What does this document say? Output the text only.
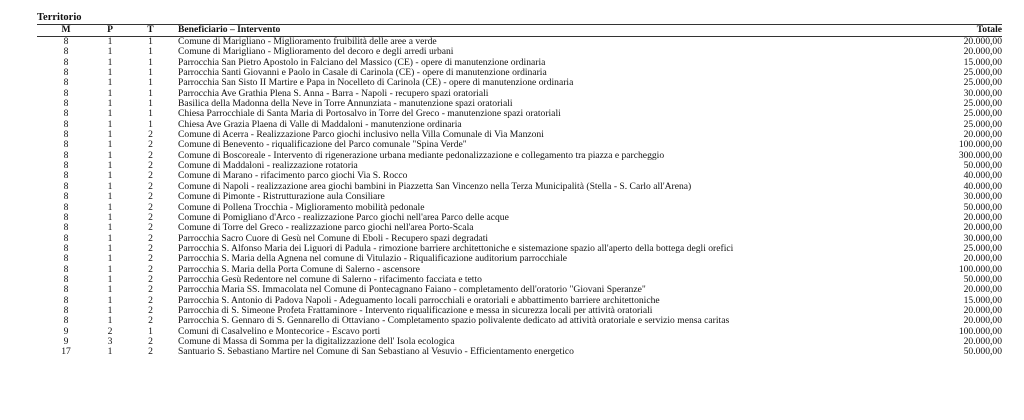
Territorio
M	P	T	Beneficiario – Intervento	Totale
8	1	1	Comune di Marigliano - Miglioramento fruibilità delle aree a verde	20.000,00
8	1	1	Comune di Marigliano - Miglioramento del decoro e degli arredi urbani	20.000,00
8	1	1	Parrocchia San Pietro Apostolo in Falciano del Massico (CE) - opere di manutenzione ordinaria	15.000,00
8	1	1	Parrocchia Santi Giovanni e Paolo in Casale di Carinola (CE) - opere di manutenzione ordinaria	25.000,00
8	1	1	Parrocchia San Sisto II Martire e Papa in Nocelleto di Carinola (CE) - opere di manutenzione ordinaria	25.000,00
8	1	1	Parrocchia Ave Grathia Plena S. Anna - Barra - Napoli - recupero spazi oratoriali	30.000,00
8	1	1	Basilica della Madonna della Neve in Torre Annunziata - manutenzione spazi oratoriali	25.000,00
8	1	1	Chiesa Parrocchiale di Santa Maria di Portosalvo in Torre del Greco - manutenzione spazi oratoriali	25.000,00
8	1	1	Chiesa Ave Grazia Plaena di Valle di Maddaloni - manutenzione ordinaria	25.000,00
8	1	2	Comune di Acerra - Realizzazione Parco giochi inclusivo nella Villa Comunale di Via Manzoni	20.000,00
8	1	2	Comune di Benevento - riqualificazione del Parco comunale "Spina Verde"	100.000,00
8	1	2	Comune di Boscoreale - Intervento di rigenerazione urbana mediante pedonalizzazione e collegamento tra piazza e parcheggio	300.000,00
8	1	2	Comune di Maddaloni - realizzazione rotatoria	50.000,00
8	1	2	Comune di Marano - rifacimento parco giochi Via S. Rocco	40.000,00
8	1	2	Comune di Napoli - realizzazione area giochi bambini in Piazzetta San Vincenzo nella Terza Municipalità (Stella - S. Carlo all'Arena)	40.000,00
8	1	2	Comune di Pimonte - Ristrutturazione aula Consiliare	30.000,00
8	1	2	Comune di Pollena Trocchia - Miglioramento mobilità pedonale	50.000,00
8	1	2	Comune di Pomigliano d'Arco - realizzazione Parco giochi nell'area Parco delle acque	20.000,00
8	1	2	Comune di Torre del Greco - realizzazione parco giochi nell'area Porto-Scala	20.000,00
8	1	2	Parrocchia Sacro Cuore di Gesù nel Comune di Eboli - Recupero spazi degradati	30.000,00
8	1	2	Parrocchia S. Alfonso Maria dei Liguori di Padula - rimozione barriere architettoniche e sistemazione spazio all'aperto della bottega degli orefici	25.000,00
8	1	2	Parrocchia S. Maria della Agnena nel comune di Vitulazio - Riqualificazione auditorium parrocchiale	20.000,00
8	1	2	Parrocchia S. Maria della Porta Comune di Salerno - ascensore	100.000,00
8	1	2	Parrocchia Gesù Redentore nel comune di Salerno - rifacimento facciata e tetto	50.000,00
8	1	2	Parrocchia Maria SS. Immacolata nel Comune di Pontecagnano Faiano - completamento dell'oratorio "Giovani Speranze"	20.000,00
8	1	2	Parrocchia S. Antonio di Padova Napoli - Adeguamento locali parrocchiali e oratoriali e abbattimento barriere architettoniche	15.000,00
8	1	2	Parrocchia di S. Simeone Profeta Frattaminore - Intervento riqualificazione e messa in sicurezza locali per attività oratoriali	20.000,00
8	1	2	Parrocchia S. Gennaro di S. Gennarello di Ottaviano - Completamento spazio polivalente dedicato ad attività oratoriale e servizio mensa caritas	20.000,00
9	2	1	Comuni di Casalvelino e Montecorice - Escavo porti	100.000,00
9	3	2	Comune di Massa di Somma per la digitalizzazione dell' Isola ecologica	20.000,00
17	1	2	Santuario S. Sebastiano Martire nel Comune di San Sebastiano al Vesuvio - Efficientamento energetico	50.000,00
